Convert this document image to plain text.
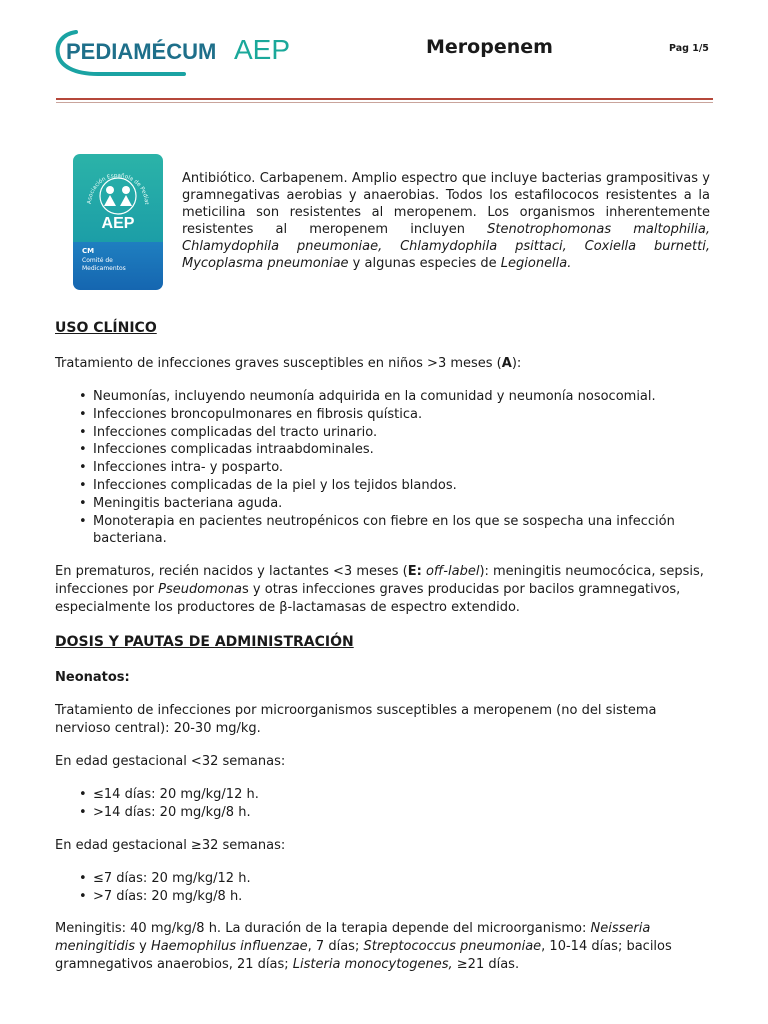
PEDIAMÉCUM AEP	Meropenem	Pag 1/5
Asociación Española de Pediat
AEP
CM
Comité de
Medicamentos
Antibiótico. Carbapenem. Amplio espectro que incluye bacterias grampositivas y gramnegativas aerobias y anaerobias. Todos los estafilococos resistentes a la meticilina son resistentes al meropenem. Los organismos inherentemente resistentes al meropenem incluyen Stenotrophomonas maltophilia, Chlamydophila pneumoniae, Chlamydophila psittaci, Coxiella burnetti, Mycoplasma pneumoniae y algunas especies de Legionella.
USO CLÍNICO

Tratamiento de infecciones graves susceptibles en niños >3 meses (A):

• Neumonías, incluyendo neumonía adquirida en la comunidad y neumonía nosocomial.
• Infecciones broncopulmonares en fibrosis quística.
• Infecciones complicadas del tracto urinario.
• Infecciones complicadas intraabdominales.
• Infecciones intra- y posparto.
• Infecciones complicadas de la piel y los tejidos blandos.
• Meningitis bacteriana aguda.
• Monoterapia en pacientes neutropénicos con fiebre en los que se sospecha una infección bacteriana.

En prematuros, recién nacidos y lactantes <3 meses (E: off-label): meningitis neumocócica, sepsis, infecciones por Pseudomonas y otras infecciones graves producidas por bacilos gramnegativos, especialmente los productores de β-lactamasas de espectro extendido.

DOSIS Y PAUTAS DE ADMINISTRACIÓN

Neonatos:

Tratamiento de infecciones por microorganismos susceptibles a meropenem (no del sistema nervioso central): 20-30 mg/kg.

En edad gestacional <32 semanas:

• ≤14 días: 20 mg/kg/12 h.
• >14 días: 20 mg/kg/8 h.

En edad gestacional ≥32 semanas:

• ≤7 días: 20 mg/kg/12 h.
• >7 días: 20 mg/kg/8 h.

Meningitis: 40 mg/kg/8 h. La duración de la terapia depende del microorganismo: Neisseria meningitidis y Haemophilus influenzae, 7 días; Streptococcus pneumoniae, 10-14 días; bacilos gramnegativos anaerobios, 21 días; Listeria monocytogenes, ≥21 días.
